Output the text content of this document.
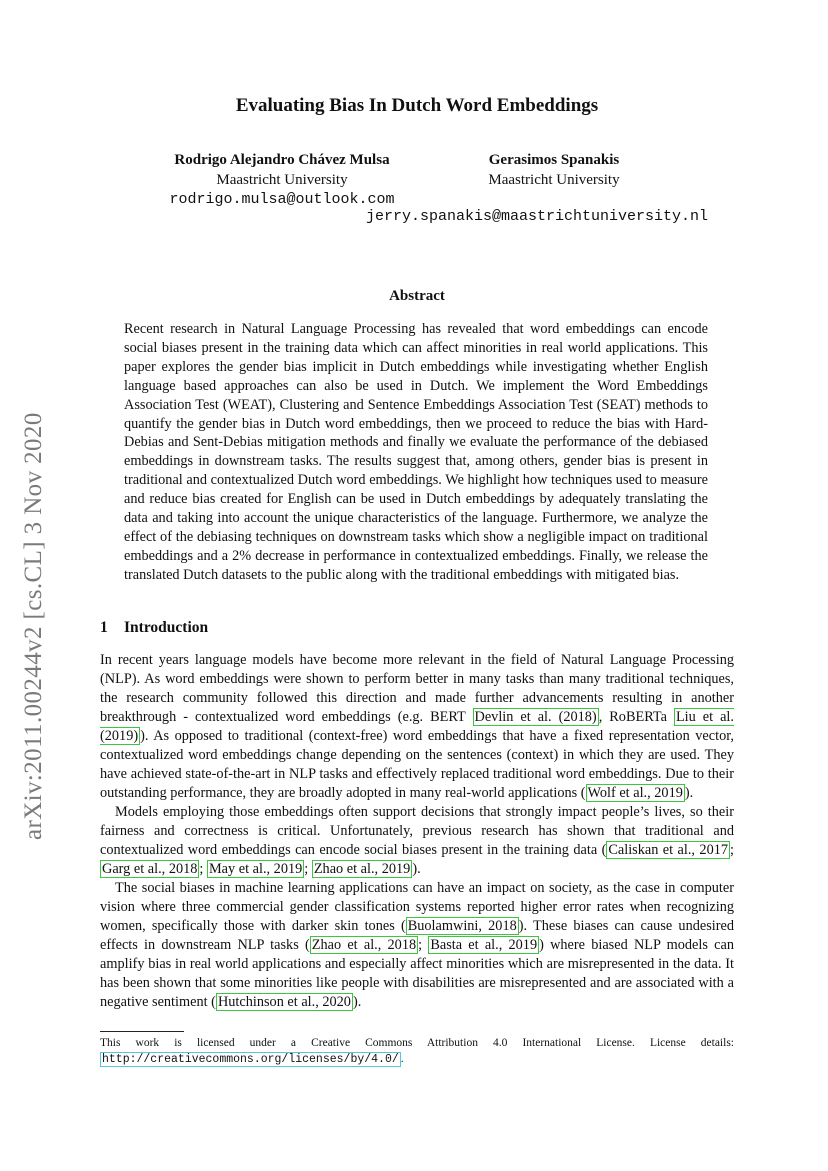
arXiv:2011.00244v2 [cs.CL] 3 Nov 2020
Evaluating Bias In Dutch Word Embeddings
Rodrigo Alejandro Chávez Mulsa
Maastricht University
rodrigo.mulsa@outlook.com
Gerasimos Spanakis
Maastricht University
jerry.spanakis@maastrichtuniversity.nl
Abstract
Recent research in Natural Language Processing has revealed that word embeddings can encode social biases present in the training data which can affect minorities in real world applications. This paper explores the gender bias implicit in Dutch embeddings while investigating whether English language based approaches can also be used in Dutch. We implement the Word Embeddings Association Test (WEAT), Clustering and Sentence Embeddings Association Test (SEAT) methods to quantify the gender bias in Dutch word embeddings, then we proceed to reduce the bias with Hard-Debias and Sent-Debias mitigation methods and finally we evaluate the performance of the debiased embeddings in downstream tasks. The results suggest that, among others, gender bias is present in traditional and contextualized Dutch word embeddings. We highlight how techniques used to measure and reduce bias created for English can be used in Dutch embeddings by adequately translating the data and taking into account the unique characteristics of the language. Furthermore, we analyze the effect of the debiasing techniques on downstream tasks which show a negligible impact on traditional embeddings and a 2% decrease in performance in contextualized embeddings. Finally, we release the translated Dutch datasets to the public along with the traditional embeddings with mitigated bias.
1 Introduction

In recent years language models have become more relevant in the field of Natural Language Processing (NLP). As word embeddings were shown to perform better in many tasks than many traditional techniques, the research community followed this direction and made further advancements resulting in another breakthrough - contextualized word embeddings (e.g. BERT Devlin et al. (2018) , RoBERTa Liu et al. (2019) ). As opposed to traditional (context-free) word embeddings that have a fixed representation vector, contextualized word embeddings change depending on the sentences (context) in which they are used. They have achieved state-of-the-art in NLP tasks and effectively replaced traditional word embeddings. Due to their outstanding performance, they are broadly adopted in many real-world applications ( Wolf et al., 2019 ).

Models employing those embeddings often support decisions that strongly impact people’s lives, so their fairness and correctness is critical. Unfortunately, previous research has shown that traditional and contextualized word embeddings can encode social biases present in the training data ( Caliskan et al., 2017 ; Garg et al., 2018 ; May et al., 2019 ; Zhao et al., 2019 ).

The social biases in machine learning applications can have an impact on society, as the case in computer vision where three commercial gender classification systems reported higher error rates when recognizing women, specifically those with darker skin tones ( Buolamwini, 2018 ). These biases can cause undesired effects in downstream NLP tasks ( Zhao et al., 2018 ; Basta et al., 2019 ) where biased NLP models can amplify bias in real world applications and especially affect minorities which are misrepresented in the data. It has been shown that some minorities like people with disabilities are misrepresented and are associated with a negative sentiment ( Hutchinson et al., 2020 ).

This work is licensed under a Creative Commons Attribution 4.0 International License. License details: http://creativecommons.org/licenses/by/4.0/ .
